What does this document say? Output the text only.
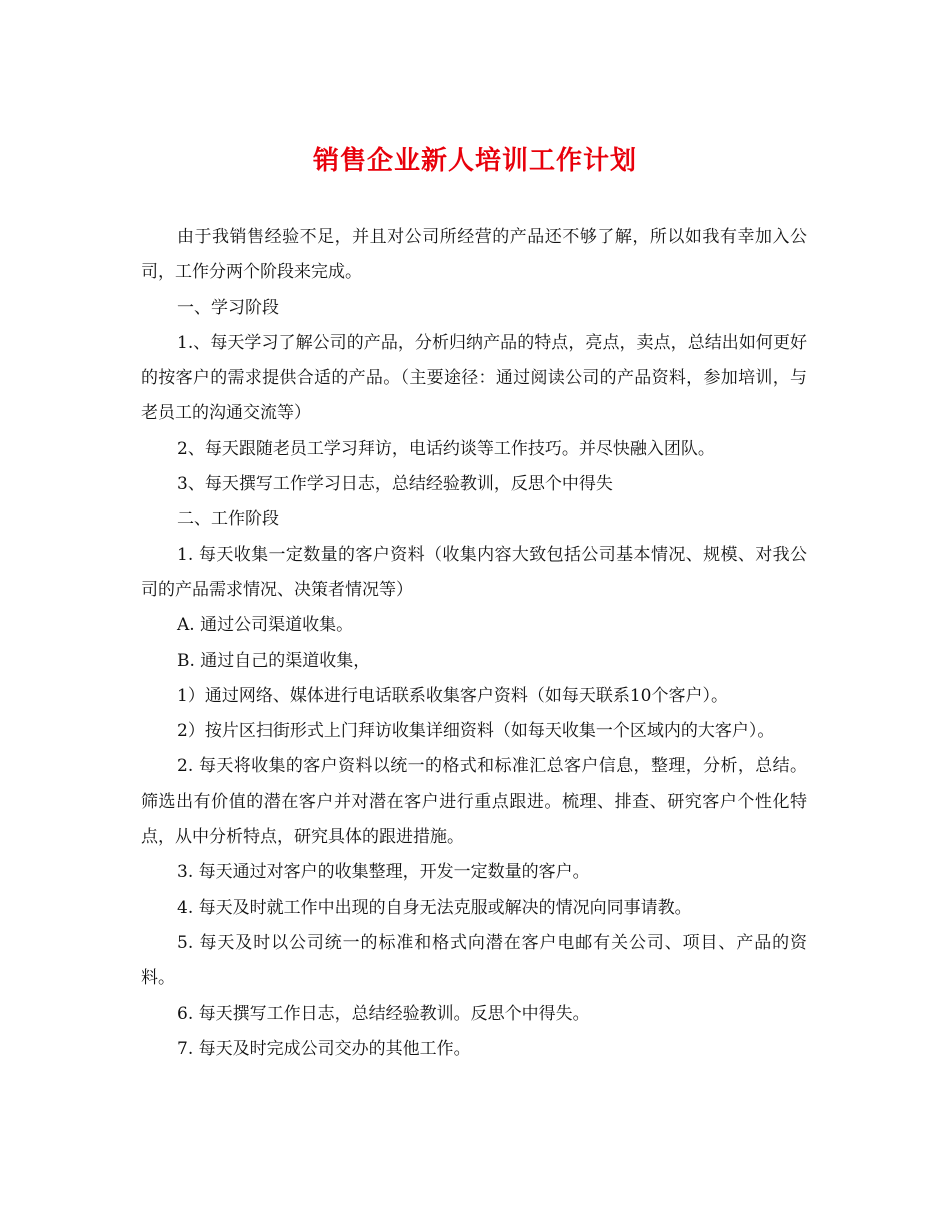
销售企业新人培训工作计划

由于我销售经验不足，并且对公司所经营的产品还不够了解，所以如我有幸加入公司，工作分两个阶段来完成。

一、学习阶段

1.、每天学习了解公司的产品，分析归纳产品的特点，亮点，卖点，总结出如何更好的按客户的需求提供合适的产品。（主要途径：通过阅读公司的产品资料，参加培训，与老员工的沟通交流等）

2、每天跟随老员工学习拜访，电话约谈等工作技巧。并尽快融入团队。

3、每天撰写工作学习日志，总结经验教训，反思个中得失

二、工作阶段

1. 每天收集一定数量的客户资料（收集内容大致包括公司基本情况、规模、对我公司的产品需求情况、决策者情况等）

A. 通过公司渠道收集。

B. 通过自己的渠道收集，

1）通过网络、媒体进行电话联系收集客户资料（如每天联系10个客户）。

2）按片区扫街形式上门拜访收集详细资料（如每天收集一个区域内的大客户）。

2. 每天将收集的客户资料以统一的格式和标准汇总客户信息，整理，分析，总结。筛选出有价值的潜在客户并对潜在客户进行重点跟进。梳理、排查、研究客户个性化特点，从中分析特点，研究具体的跟进措施。

3. 每天通过对客户的收集整理，开发一定数量的客户。

4. 每天及时就工作中出现的自身无法克服或解决的情况向同事请教。

5. 每天及时以公司统一的标准和格式向潜在客户电邮有关公司、项目、产品的资料。

6. 每天撰写工作日志，总结经验教训。反思个中得失。

7. 每天及时完成公司交办的其他工作。
